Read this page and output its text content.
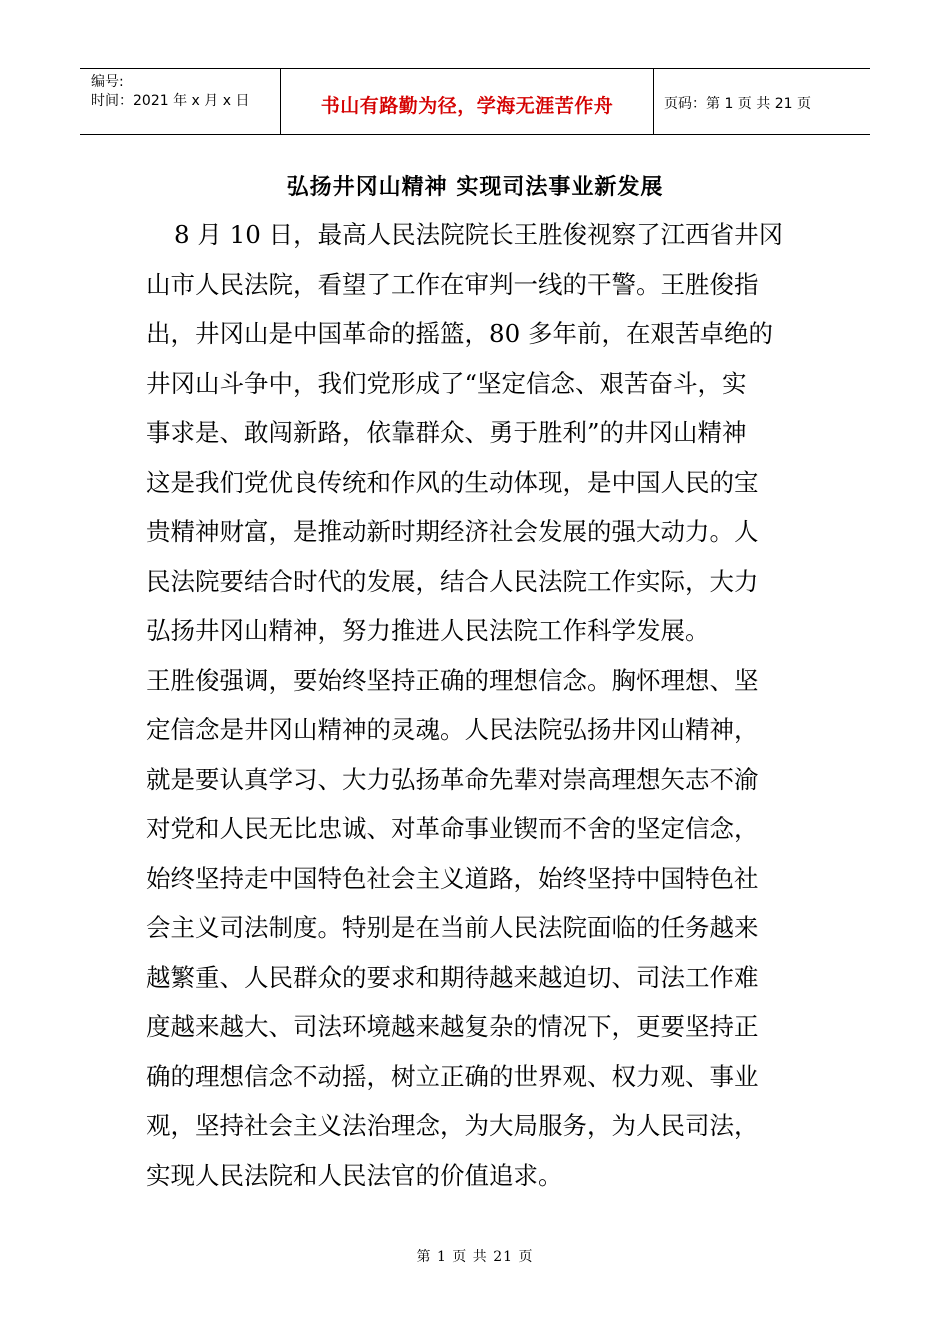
编号:
时间：2021 年 x 月 x 日	书山有路勤为径，学海无涯苦作舟	页码：第 1 页 共 21 页
弘扬井冈山精神 实现司法事业新发展
8 月 10 日，最高人民法院院长王胜俊视察了江西省井冈
山市人民法院，看望了工作在审判一线的干警。王胜俊指
出，井冈山是中国革命的摇篮，80 多年前，在艰苦卓绝的
井冈山斗争中，我们党形成了“坚定信念、艰苦奋斗，实
事求是、敢闯新路，依靠群众、勇于胜利”的井冈山精神
这是我们党优良传统和作风的生动体现，是中国人民的宝
贵精神财富，是推动新时期经济社会发展的强大动力。人
民法院要结合时代的发展，结合人民法院工作实际，大力
弘扬井冈山精神，努力推进人民法院工作科学发展。
王胜俊强调，要始终坚持正确的理想信念。胸怀理想、坚
定信念是井冈山精神的灵魂。人民法院弘扬井冈山精神，
就是要认真学习、大力弘扬革命先辈对崇高理想矢志不渝
对党和人民无比忠诚、对革命事业锲而不舍的坚定信念，
始终坚持走中国特色社会主义道路，始终坚持中国特色社
会主义司法制度。特别是在当前人民法院面临的任务越来
越繁重、人民群众的要求和期待越来越迫切、司法工作难
度越来越大、司法环境越来越复杂的情况下，更要坚持正
确的理想信念不动摇，树立正确的世界观、权力观、事业
观，坚持社会主义法治理念，为大局服务，为人民司法，
实现人民法院和人民法官的价值追求。
第 1 页 共 21 页
